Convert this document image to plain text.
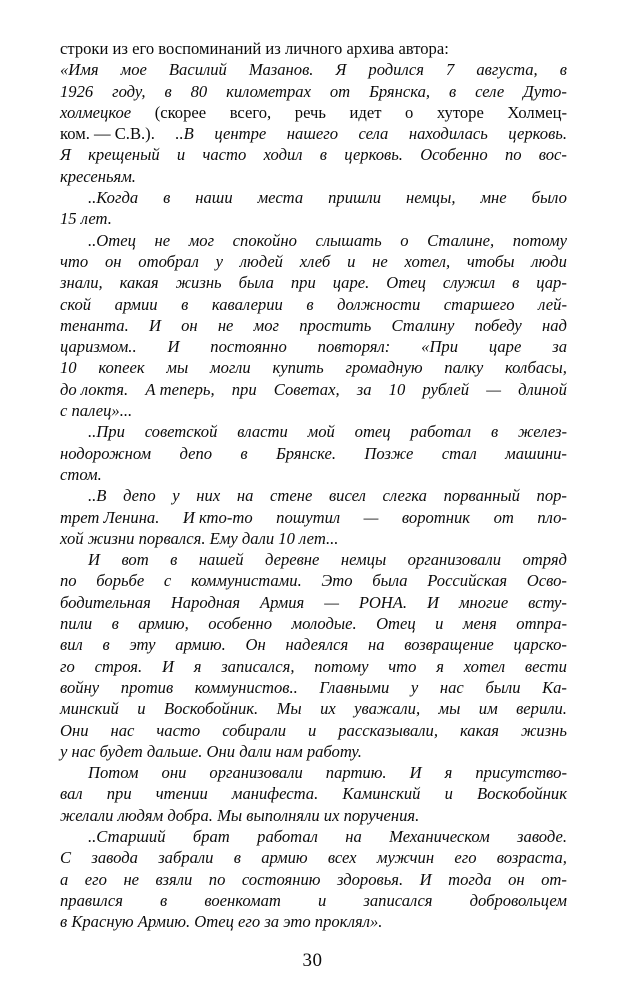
строки из его воспоминаний из личного архива автора:
«Имя мое Василий Мазанов. Я родился 7 августа, в
1926 году, в 80 километрах от Брянска, в селе Дуто-
холмецкое (скорее всего, речь идет о хуторе Холмец-
ком. — С.В.). ..В центре нашего села находилась церковь.
Я крещеный и часто ходил в церковь. Особенно по вос-
кресеньям.
..Когда в наши места пришли немцы, мне было
15 лет.
..Отец не мог спокойно слышать о Сталине, потому
что он отобрал у людей хлеб и не хотел, чтобы люди
знали, какая жизнь была при царе. Отец служил в цар-
ской армии в кавалерии в должности старшего лей-
тенанта. И он не мог простить Сталину победу над
царизмом.. И постоянно повторял: «При царе за
10 копеек мы могли купить громадную палку колбасы,
до локтя. А теперь, при Советах, за 10 рублей — длиной
с палец»...
..При советской власти мой отец работал в желез-
нодорожном депо в Брянске. Позже стал машини-
стом.
..В депо у них на стене висел слегка порванный пор-
трет Ленина. И кто-то пошутил — воротник от пло-
хой жизни порвался. Ему дали 10 лет...
И вот в нашей деревне немцы организовали отряд
по борьбе с коммунистами. Это была Российская Осво-
бодительная Народная Армия — РОНА. И многие всту-
пили в армию, особенно молодые. Отец и меня отпра-
вил в эту армию. Он надеялся на возвращение царско-
го строя. И я записался, потому что я хотел вести
войну против коммунистов.. Главными у нас были Ка-
минский и Воскобойник. Мы их уважали, мы им верили.
Они нас часто собирали и рассказывали, какая жизнь
у нас будет дальше. Они дали нам работу.
Потом они организовали партию. И я присутство-
вал при чтении манифеста. Каминский и Воскобойник
желали людям добра. Мы выполняли их поручения.
..Старший брат работал на Механическом заводе.
С завода забрали в армию всех мужчин его возраста,
а его не взяли по состоянию здоровья. И тогда он от-
правился в военкомат и записался добровольцем
в Красную Армию. Отец его за это проклял».
30
